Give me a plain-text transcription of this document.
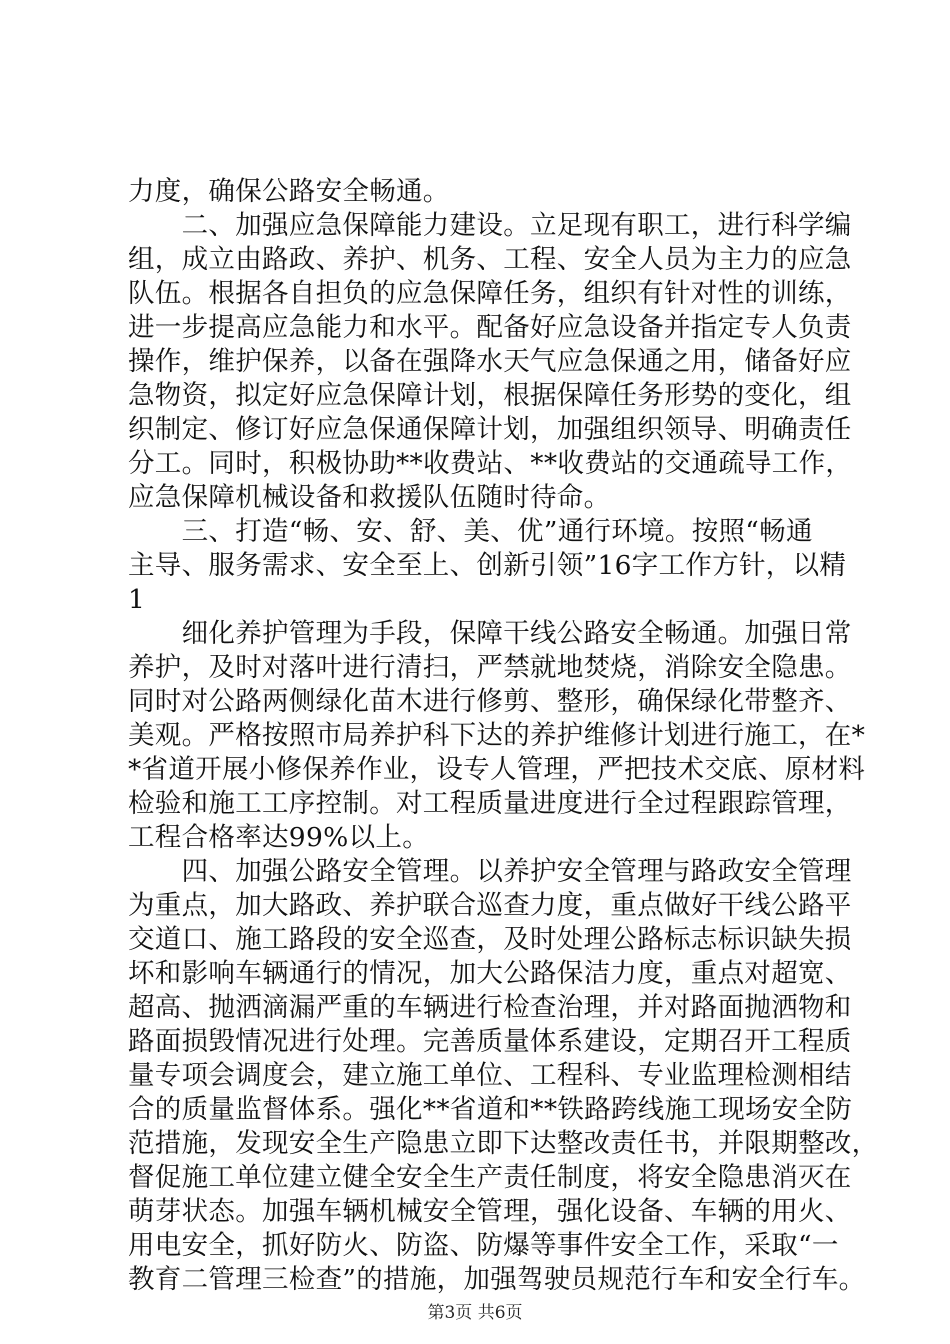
力度，确保公路安全畅通。
　　二、加强应急保障能力建设。立足现有职工，进行科学编
组，成立由路政、养护、机务、工程、安全人员为主力的应急
队伍。根据各自担负的应急保障任务，组织有针对性的训练，
进一步提高应急能力和水平。配备好应急设备并指定专人负责
操作，维护保养，以备在强降水天气应急保通之用，储备好应
急物资，拟定好应急保障计划，根据保障任务形势的变化，组
织制定、修订好应急保通保障计划，加强组织领导、明确责任
分工。同时，积极协助**收费站、**收费站的交通疏导工作，
应急保障机械设备和救援队伍随时待命。
　　三、打造“畅、安、舒、美、优”通行环境。按照“畅通
主导、服务需求、安全至上、创新引领”16字工作方针，以精
1
　　细化养护管理为手段，保障干线公路安全畅通。加强日常
养护，及时对落叶进行清扫，严禁就地焚烧，消除安全隐患。
同时对公路两侧绿化苗木进行修剪、整形，确保绿化带整齐、
美观。严格按照市局养护科下达的养护维修计划进行施工，在*
*省道开展小修保养作业，设专人管理，严把技术交底、原材料
检验和施工工序控制。对工程质量进度进行全过程跟踪管理，
工程合格率达99%以上。
　　四、加强公路安全管理。以养护安全管理与路政安全管理
为重点，加大路政、养护联合巡查力度，重点做好干线公路平
交道口、施工路段的安全巡查，及时处理公路标志标识缺失损
坏和影响车辆通行的情况，加大公路保洁力度，重点对超宽、
超高、抛洒滴漏严重的车辆进行检查治理，并对路面抛洒物和
路面损毁情况进行处理。完善质量体系建设，定期召开工程质
量专项会调度会，建立施工单位、工程科、专业监理检测相结
合的质量监督体系。强化**省道和**铁路跨线施工现场安全防
范措施，发现安全生产隐患立即下达整改责任书，并限期整改，
督促施工单位建立健全安全生产责任制度，将安全隐患消灭在
萌芽状态。加强车辆机械安全管理，强化设备、车辆的用火、
用电安全，抓好防火、防盗、防爆等事件安全工作，采取“一
教育二管理三检查”的措施，加强驾驶员规范行车和安全行车。
第3页 共6页
